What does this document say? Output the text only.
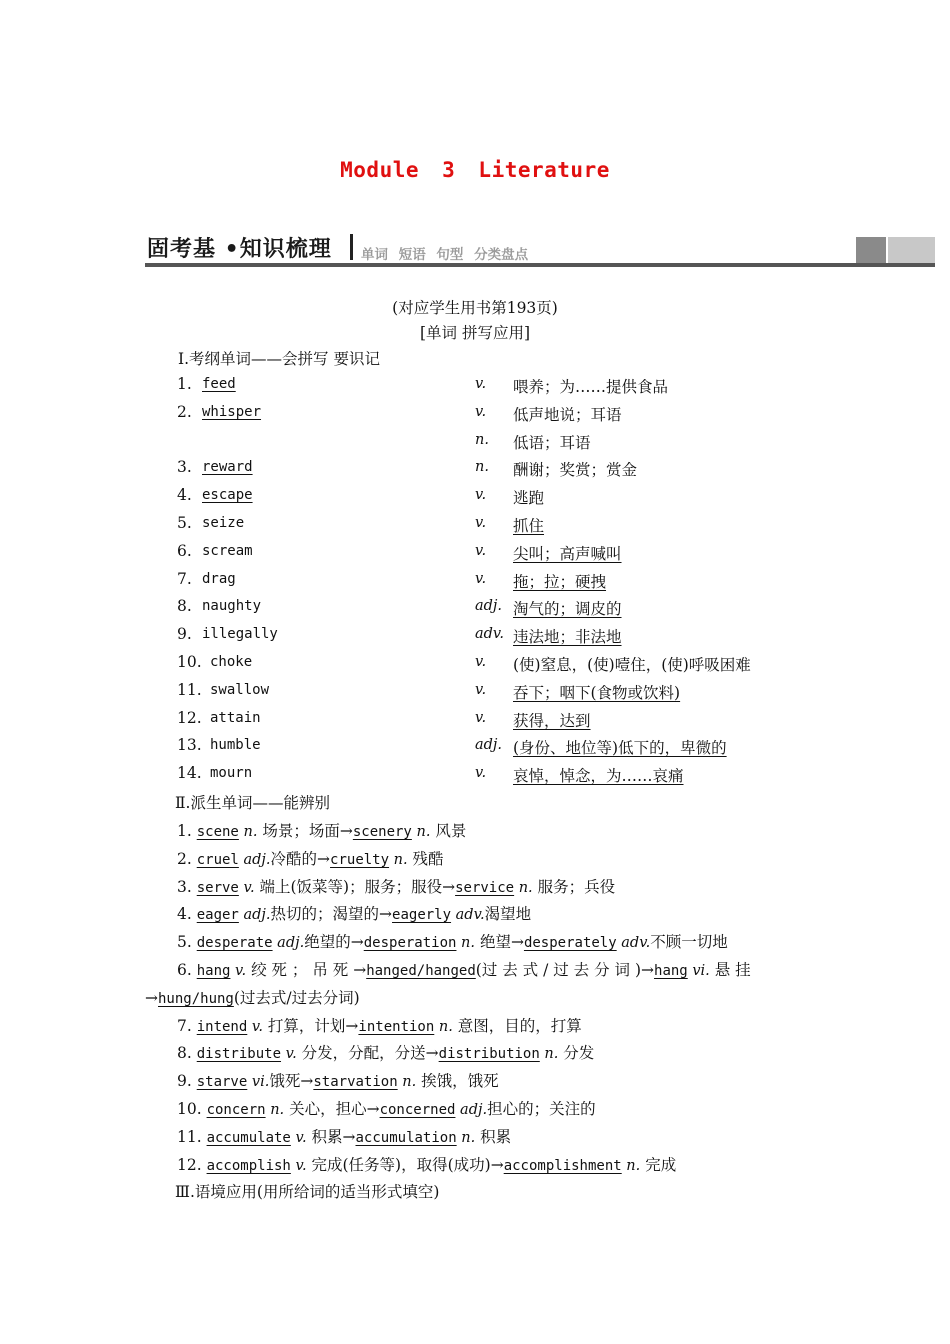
Module 3 Literature
固考基 •知识梳理 单词 短语 句型 分类盘点
(对应学生用书第193页)
[单词 拼写应用]
Ⅰ.考纲单词——会拼写 要识记
1. feed	v. 喂养；为……提供食品
2. whisper	v. 低声地说；耳语
n. 低语；耳语
3. reward	n. 酬谢；奖赏；赏金
4. escape	v. 逃跑
5. seize	v. 抓住
6. scream	v. 尖叫；高声喊叫
7. drag	v. 拖；拉；硬拽
8. naughty	adj. 淘气的；调皮的
9. illegally	adv. 违法地；非法地
10. choke	v. (使)窒息，(使)噎住，(使)呼吸困难
11. swallow	v. 吞下；咽下(食物或饮料)
12. attain	v. 获得，达到
13. humble	adj. (身份、地位等)低下的，卑微的
14. mourn	v. 哀悼，悼念，为……哀痛
Ⅱ.派生单词——能辨别
1. scene n. 场景；场面→scenery n. 风景
2. cruel adj.冷酷的→cruelty n. 残酷
3. serve v. 端上(饭菜等)；服务；服役→service n. 服务；兵役
4. eager adj.热切的；渴望的→eagerly adv.渴望地
5. desperate adj.绝望的→desperation n. 绝望→desperately adv.不顾一切地
6. hang v. 绞 死 ； 吊 死 →hanged/hanged(过 去 式 / 过 去 分 词 )→hang vi. 悬 挂
→hung/hung(过去式/过去分词)
7. intend v. 打算，计划→intention n. 意图，目的，打算
8. distribute v. 分发，分配，分送→distribution n. 分发
9. starve vi.饿死→starvation n. 挨饿，饿死
10. concern n. 关心，担心→concerned adj.担心的；关注的
11. accumulate v. 积累→accumulation n. 积累
12. accomplish v. 完成(任务等)，取得(成功)→accomplishment n. 完成
Ⅲ.语境应用(用所给词的适当形式填空)
